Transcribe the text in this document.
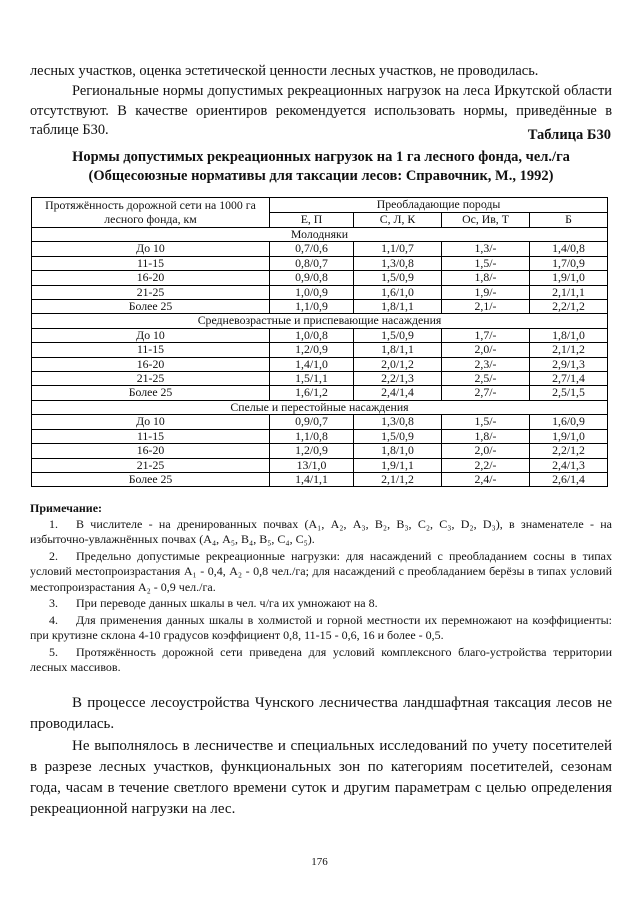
лесных участков, оценка эстетической ценности лесных участков, не проводилась.

Региональные нормы допустимых рекреационных нагрузок на леса Иркутской области отсутствуют. В качестве ориентиров рекомендуется использовать нормы, приведённые в таблице Б30.	Таблица Б30
Нормы допустимых рекреационных нагрузок на 1 га лесного фонда, чел./га
(Общесоюзные нормативы для таксации лесов: Справочник, М., 1992)
Протяжённость дорожной сети на 1000 га лесного фонда, км	Преобладающие породы			
	Е, П	С, Л, К	Ос, Ив, Т	Б
Молодняки				
До 10	0,7/0,6	1,1/0,7	1,3/-	1,4/0,8
11-15	0,8/0,7	1,3/0,8	1,5/-	1,7/0,9
16-20	0,9/0,8	1,5/0,9	1,8/-	1,9/1,0
21-25	1,0/0,9	1,6/1,0	1,9/-	2,1/1,1
Более 25	1,1/0,9	1,8/1,1	2,1/-	2,2/1,2
Средневозрастные и приспевающие насаждения				
До 10	1,0/0,8	1,5/0,9	1,7/-	1,8/1,0
11-15	1,2/0,9	1,8/1,1	2,0/-	2,1/1,2
16-20	1,4/1,0	2,0/1,2	2,3/-	2,9/1,3
21-25	1,5/1,1	2,2/1,3	2,5/-	2,7/1,4
Более 25	1,6/1,2	2,4/1,4	2,7/-	2,5/1,5
Спелые и перестойные насаждения				
До 10	0,9/0,7	1,3/0,8	1,5/-	1,6/0,9
11-15	1,1/0,8	1,5/0,9	1,8/-	1,9/1,0
16-20	1,2/0,9	1,8/1,0	2,0/-	2,2/1,2
21-25	13/1,0	1,9/1,1	2,2/-	2,4/1,3
Более 25	1,4/1,1	2,1/1,2	2,4/-	2,6/1,4

Примечание:

1. В числителе - на дренированных почвах (А₁, А₂, А₃, В₂, В₃, С₂, С₃, D₂, D₃), в знаменателе - на избыточно-увлажнённых почвах (А₄, А₅, В₄, В₅, С₄, С₅).

2. Предельно допустимые рекреационные нагрузки: для насаждений с преобладанием сосны в типах условий местопроизрастания А₁ - 0,4, А₂ - 0,8 чел./га; для насаждений с преобладанием берёзы в типах условий местопроизрастания А₂ - 0,9 чел./га.

3. При переводе данных шкалы в чел. ч/га их умножают на 8.

4. Для применения данных шкалы в холмистой и горной местности их перемножают на коэффициенты: при крутизне склона 4-10 градусов коэффициент 0,8, 11-15 - 0,6, 16 и более - 0,5.

5. Протяжённость дорожной сети приведена для условий комплексного благо-устройства территории лесных массивов.

В процессе лесоустройства Чунского лесничества ландшафтная таксация лесов не проводилась.

Не выполнялось в лесничестве и специальных исследований по учету посетителей в разрезе лесных участков, функциональных зон по категориям посетителей, сезонам года, часам в течение светлого времени суток и другим параметрам с целью определения рекреационной нагрузки на лес.

176
